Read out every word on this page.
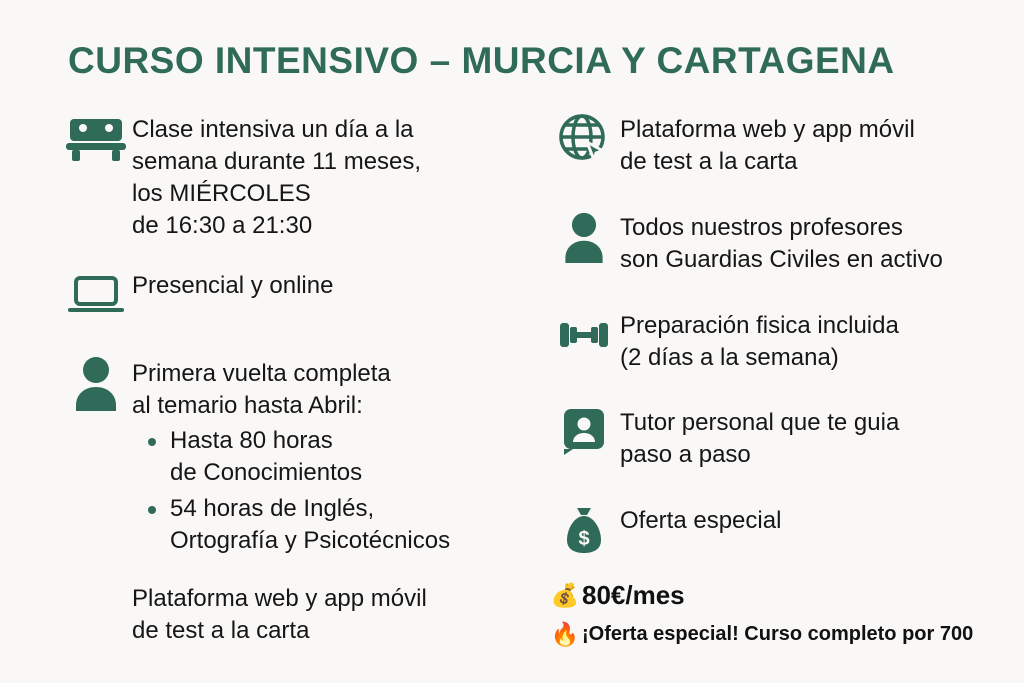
CURSO INTENSIVO – MURCIA Y CARTAGENA
Clase intensiva un día a la
semana durante 11 meses,
los MIÉRCOLES
de 16:30 a 21:30
Presencial y online
Primera vuelta completa
al temario hasta Abril:
Hasta 80 horas
de Conocimientos
54 horas de Inglés,
Ortografía y Psicotécnicos
Plataforma web y app móvil
de test a la carta
Plataforma web y app móvil
de test a la carta
Todos nuestros profesores
son Guardias Civiles en activo
Preparación fisica incluida
(2 días a la semana)
Tutor personal que te guia
paso a paso
$
Oferta especial
💰 80€/mes
🔥 ¡Oferta especial! Curso completo por 700
